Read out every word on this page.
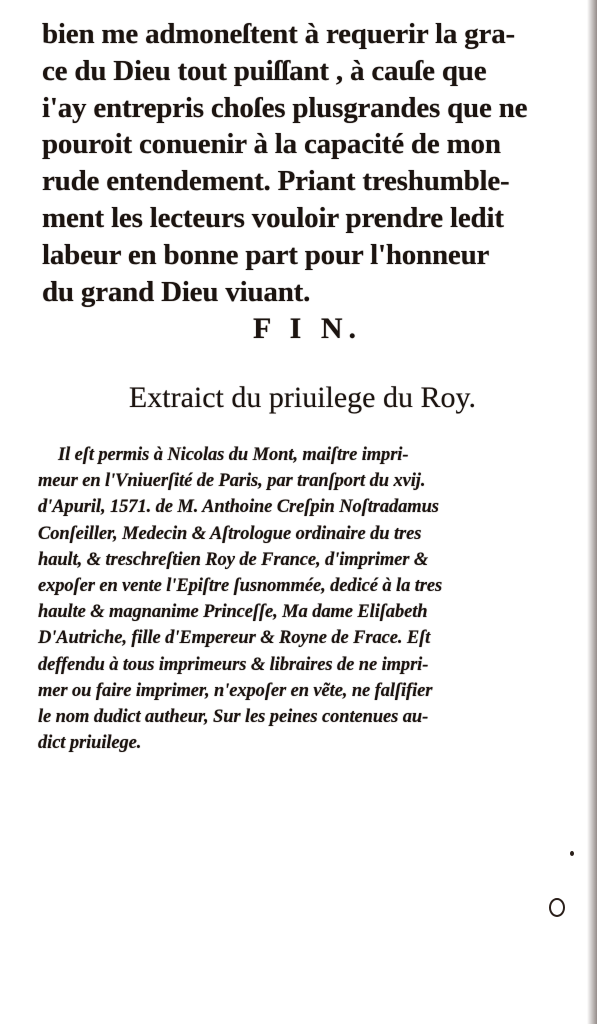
bien me admoneſtent à requerir la gra-
ce du Dieu tout puiſſant , à cauſe que
i'ay entrepris choſes plusgrandes que ne
pouroit conuenir à la capacité de mon
rude entendement. Priant treshumble-
ment les lecteurs vouloir prendre ledit
labeur en bonne part pour l'honneur
du grand Dieu viuant.
F I N.
Extraict du priuilege du Roy.
Il eſt permis à Nicolas du Mont, maiſtre impri-
meur en l'Vniuerſité de Paris, par tranſport du xvij.
d'Apuril, 1571. de M. Anthoine Creſpin Noſtradamus
Conſeiller, Medecin & Aſtrologue ordinaire du tres
hault, & treschreſtien Roy de France, d'imprimer &
expoſer en vente l'Epiſtre ſusnommée, dedicé à la tres
haulte & magnanime Princeſſe, Ma dame Eliſabeth
D'Autriche, fille d'Empereur & Royne de Frace. Eſt
deffendu à tous imprimeurs & libraires de ne impri-
mer ou faire imprimer, n'expoſer en vẽte, ne falſifier
le nom dudict autheur, Sur les peines contenues au-
dict priuilege.
